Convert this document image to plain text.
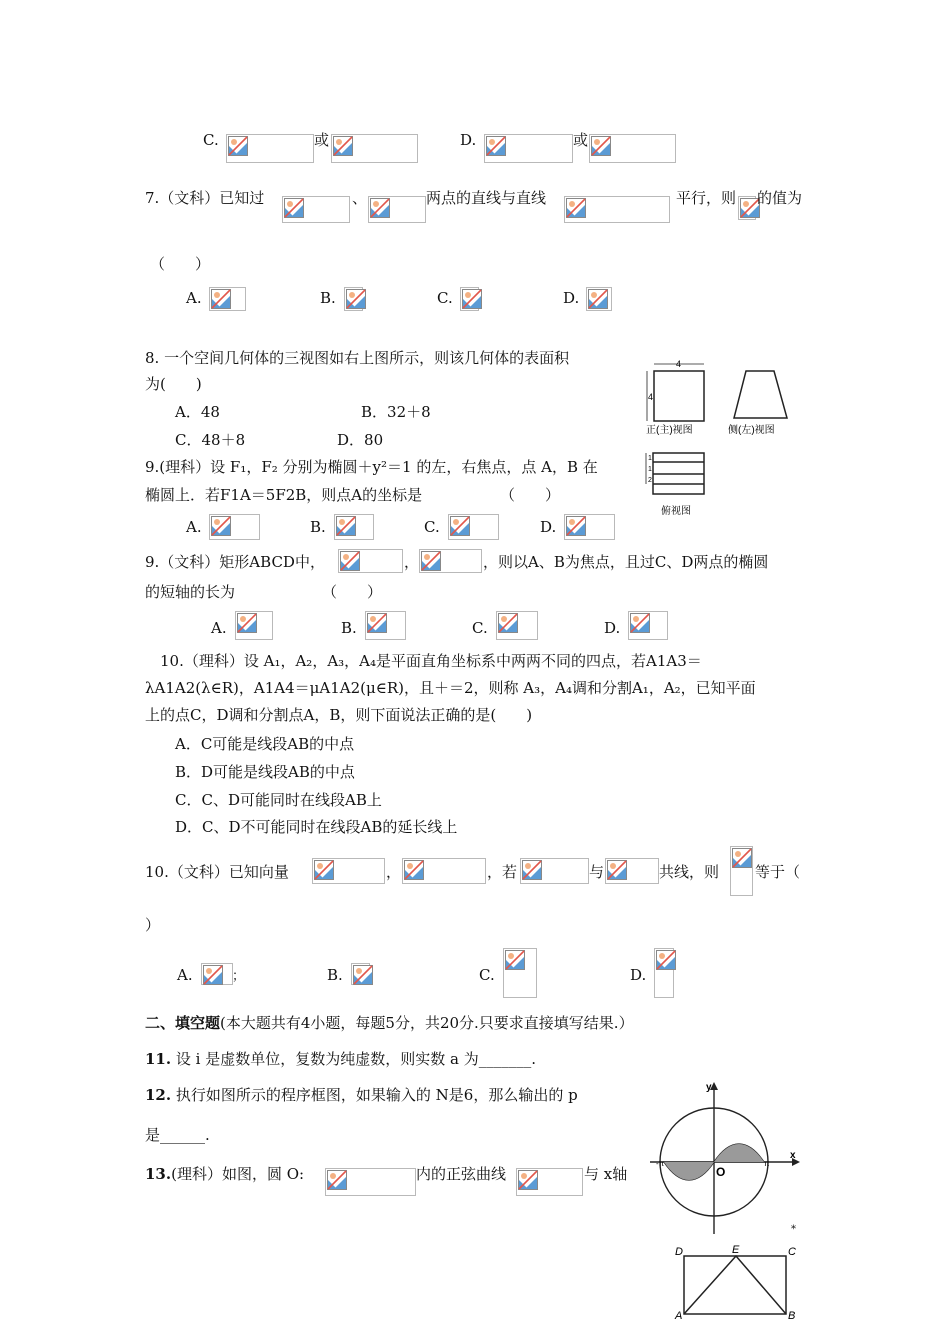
C.	或	D.	或
7.（文科）已知过	、	两点的直线与直线	平行，则 的值为
（　　）
A.	B.	C.	D.
8. 一个空间几何体的三视图如右上图所示，则该几何体的表面积
为(　　)
A．48	B．32＋8
C．48＋8	D．80
4
4
正(主)视图	侧(左)视图
1
1
2
俯视图
9.(理科）设 F₁，F₂ 分别为椭圆＋y²＝1 的左，右焦点，点 A，B 在
椭圆上．若F1A＝5F2B，则点A的坐标是	（　　）
A.	B.	C.	D.
9.（文科）矩形ABCD中，	，	，则以A、B为焦点，且过C、D两点的椭圆
的短轴的长为	（　　）
A.	B.	C.	D.
10.（理科）设 A₁，A₂，A₃，A₄是平面直角坐标系中两两不同的四点，若A1A3＝
λA1A2(λ∈R)，A1A4＝μA1A2(μ∈R)，且＋＝2，则称 A₃，A₄调和分割A₁，A₂，已知平面
上的点C，D调和分割点A，B，则下面说法正确的是(　　)
A．C可能是线段AB的中点
B．D可能是线段AB的中点
C．C、D可能同时在线段AB上
D．C、D不可能同时在线段AB的延长线上
10.（文科）已知向量	，	，若	与	共线，则 等于（
）
A.	；	B.	C.	D.
二、填空题(本大题共有4小题，每题5分，共20分.只要求直接填写结果.）
11. 设 i 是虚数单位，复数为纯虚数，则实数 a 为_______.
12. 执行如图所示的程序框图，如果输入的 N是6，那么输出的 p
是______.
13.(理科）如图，圆 O:	内的正弦曲线	与 x轴
y
x
O
-π	π
*
D	E	C
A	B
